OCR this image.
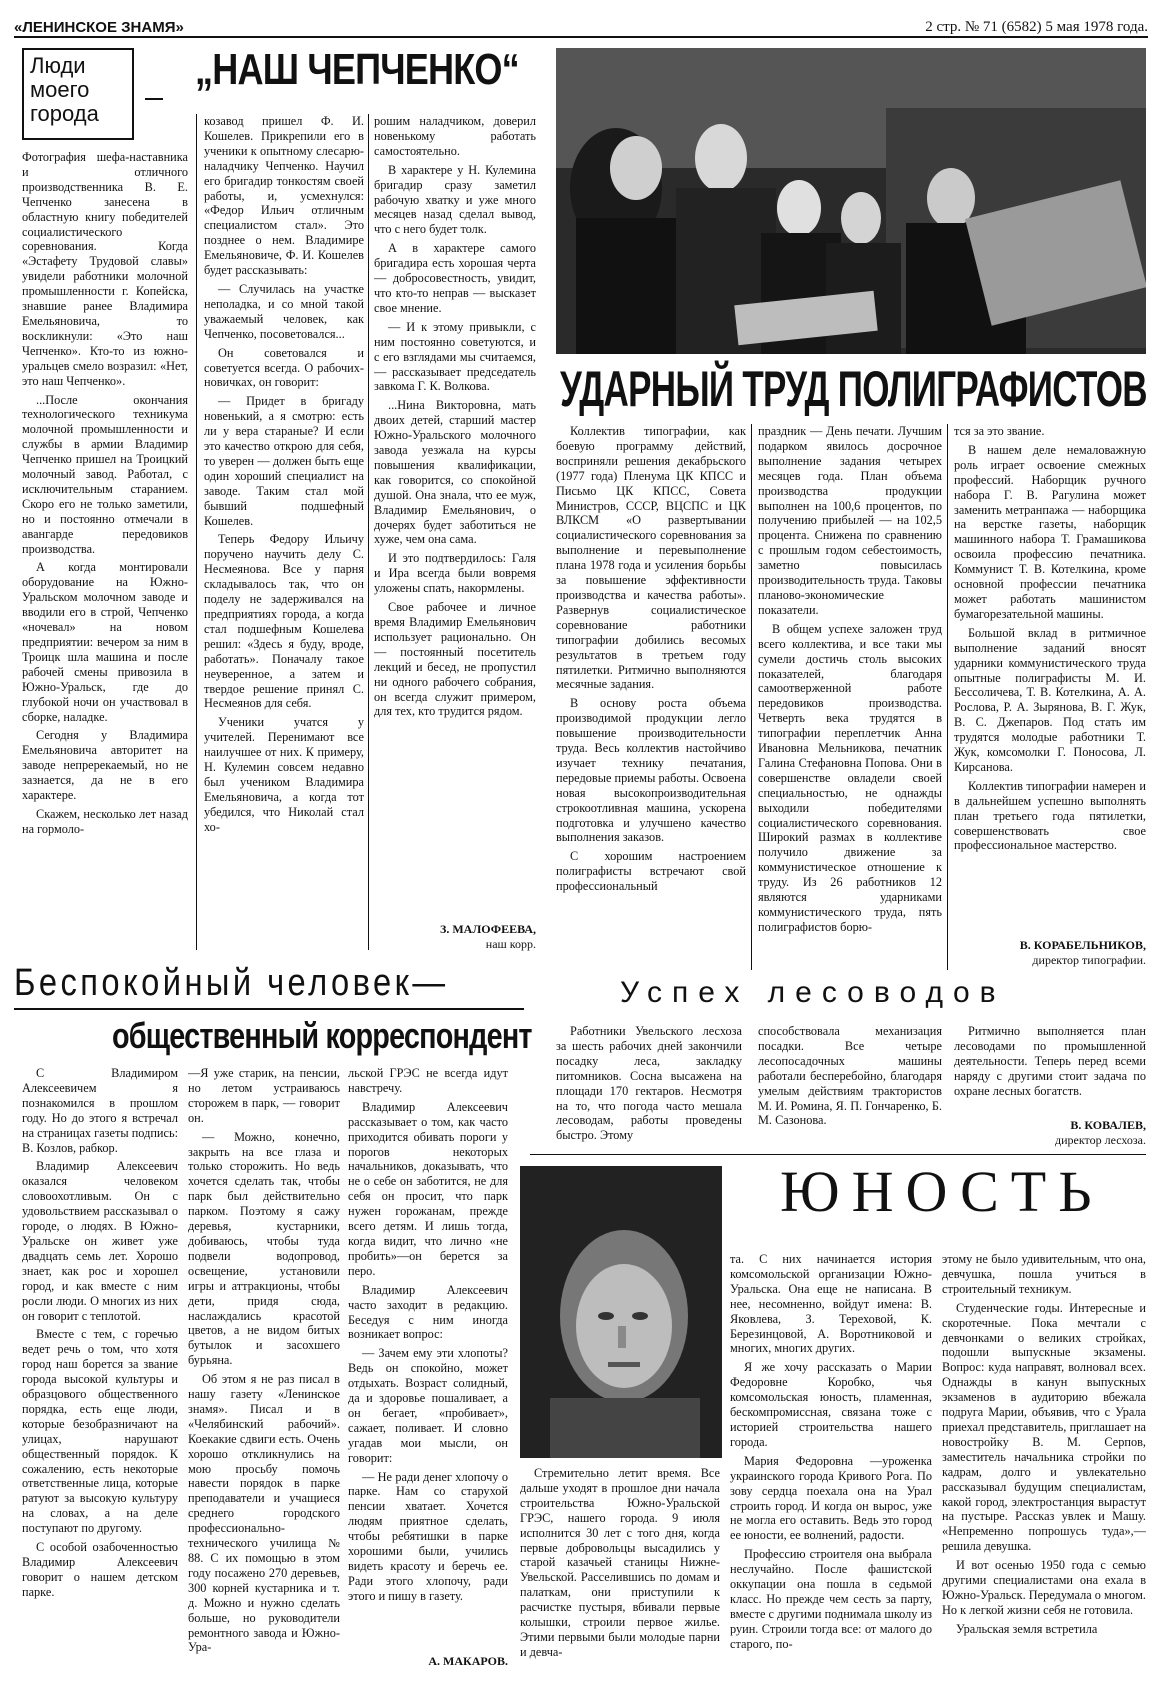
«ЛЕНИНСКОЕ ЗНАМЯ»	2 стр. № 71 (6582) 5 мая 1978 года.
Люди
моего
города
„НАШ ЧЕПЧЕНКО“

Фотография шефа-наставника и отличного производственника В. Е. Чепченко занесена в областную книгу победителей социалистического соревнования. Когда «Эстафету Трудовой славы» увидели работники молочной промышленности г. Копейска, знавшие ранее Владимира Емельяновича, то воскликнули: «Это наш Чепченко». Кто-то из южно-уральцев смело возразил: «Нет, это наш Чепченко».

...После окончания технологического техникума молочной промышленности и службы в армии Владимир Чепченко пришел на Троицкий молочный завод. Работал, с исключительным старанием. Скоро его не только заметили, но и постоянно отмечали в авангарде передовиков производства.

А когда монтировали оборудование на Южно-Уральском молочном заводе и вводили его в строй, Чепченко «ночевал» на новом предприятии: вечером за ним в Троицк шла машина и после рабочей смены привозила в Южно-Уральск, где до глубокой ночи он участвовал в сборке, наладке.

Сегодня у Владимира Емельяновича авторитет на заводе непререкаемый, но не зазнается, да не в его характере.

Скажем, несколько лет назад на гормоло-

козавод пришел Ф. И. Кошелев. Прикрепили его в ученики к опытному слесарю-наладчику Чепченко. Научил его бригадир тонкостям своей работы, и, усмехнулся: «Федор Ильич отличным специалистом стал». Это позднее о нем. Владимире Емельяновиче, Ф. И. Кошелев будет рассказывать:

— Случилась на участке неполадка, и со мной такой уважаемый человек, как Чепченко, посоветовался...

Он советовался и советуется всегда. О рабочих-новичках, он говорит:

— Придет в бригаду новенький, а я смотрю: есть ли у вера стараные? И если это качество открою для себя, то уверен — должен быть еще один хороший специалист на заводе. Таким стал мой бывший подшефный Кошелев.

Теперь Федору Ильичу поручено научить делу С. Несмеянова. Все у парня складывалось так, что он поделу не задерживался на предприятиях города, а когда стал подшефным Кошелева решил: «Здесь я буду, вроде, работать». Поначалу такое неуверенное, а затем и твердое решение принял С. Несмеянов для себя.

Ученики учатся у учителей. Перенимают все наилучшее от них. К примеру, Н. Кулемин совсем недавно был учеником Владимира Емельяновича, а когда тот убедился, что Николай стал хо-

рошим наладчиком, доверил новенькому работать самостоятельно.

В характере у Н. Кулемина бригадир сразу заметил рабочую хватку и уже много месяцев назад сделал вывод, что с него будет толк.

А в характере самого бригадира есть хорошая черта — добросовестность, увидит, что кто-то неправ — высказет свое мнение.

— И к этому привыкли, с ним постоянно советуются, и с его взглядами мы считаемся, — рассказывает председатель завкома Г. К. Волкова.

...Нина Викторовна, мать двоих детей, старший мастер Южно-Уральского молочного завода уезжала на курсы повышения квалификации, как говорится, со спокойной душой. Она знала, что ее муж, Владимир Емельянович, о дочерях будет заботиться не хуже, чем она сама.

И это подтвердилось: Галя и Ира всегда были вовремя уложены спать, накормлены.

Свое рабочее и личное время Владимир Емельянович использует рационально. Он — постоянный посетитель лекций и бесед, не пропустил ни одного рабочего собрания, он всегда служит примером, для тех, кто трудится рядом.

З. МАЛОФЕЕВА,
наш корр.
УДАРНЫЙ ТРУД ПОЛИГРАФИСТОВ

Коллектив типографии, как боевую программу действий, восприняли решения декабрьского (1977 года) Пленума ЦК КПСС и Письмо ЦК КПСС, Совета Министров, СССР, ВЦСПС и ЦК ВЛКСМ «О развертывании социалистического соревнования за выполнение и перевыполнение плана 1978 года и усиления борьбы за повышение эффективности производства и качества работы». Развернув социалистическое соревнование работники типографии добились весомых результатов в третьем году пятилетки. Ритмично выполняются месячные задания.

В основу роста объема производимой продукции легло повышение производительности труда. Весь коллектив настойчиво изучает технику печатания, передовые приемы работы. Освоена новая высокопроизводительная строкоотливная машина, ускорена подготовка и улучшено качество выполнения заказов.

С хорошим настроением полиграфисты встречают свой профессиональный

праздник — День печати. Лучшим подарком явилось досрочное выполнение задания четырех месяцев года. План объема производства продукции выполнен на 100,6 процентов, по получению прибылей — на 102,5 процента. Снижена по сравнению с прошлым годом себестоимость, заметно повысилась производительность труда. Таковы планово-экономические показатели.

В общем успехе заложен труд всего коллектива, и все таки мы сумели достичь столь высоких показателей, благодаря самоотверженной работе передовиков производства. Четверть века трудятся в типографии переплетчик Анна Ивановна Мельникова, печатник Галина Стефановна Попова. Они в совершенстве овладели своей специальностью, не однажды выходили победителями социалистического соревнования. Широкий размах в коллективе получило движение за коммунистическое отношение к труду. Из 26 работников 12 являются ударниками коммунистического труда, пять полиграфистов борю-

тся за это звание.

В нашем деле немаловажную роль играет освоение смежных профессий. Наборщик ручного набора Г. В. Рагулина может заменить метранпажа — наборщика на верстке газеты, наборщик машинного набора Т. Грамашикова освоила профессию печатника. Коммунист Т. В. Котелкина, кроме основной профессии печатника может работать машинистом бумагорезательной машины.

Большой вклад в ритмичное выполнение заданий вносят ударники коммунистического труда опытные полиграфисты М. И. Бессоличева, Т. В. Котелкина, А. А. Рослова, Р. А. Зырянова, В. Г. Жук, В. С. Джепаров. Под стать им трудятся молодые работники Т. Жук, комсомолки Г. Поносова, Л. Кирсанова.

Коллектив типографии намерен и в дальнейшем успешно выполнять план третьего года пятилетки, совершенствовать свое профессиональное мастерство.

В. КОРАБЕЛЬНИКОВ,
директор типографии.
Беспокойный человек—
общественный корреспондент
Успех лесоводов

Работники Увельского лесхоза за шесть рабочих дней закончили посадку леса, закладку питомников. Сосна высажена на площади 170 гектаров. Несмотря на то, что погода часто мешала лесоводам, работы проведены быстро. Этому

способствовала механизация посадки. Все четыре лесопосадочных машины работали бесперебойно, благодаря умелым действиям трактористов М. И. Ромина, Я. П. Гончаренко, Б. М. Сазонова.

Ритмично выполняется план лесоводами по промышленной деятельности. Теперь перед всеми наряду с другими стоит задача по охране лесных богатств.

В. КОВАЛЕВ,
директор лесхоза.

С Владимиром Алексеевичем я познакомился в прошлом году. Но до этого я встречал на страницах газеты подпись: В. Козлов, рабкор.

Владимир Алексеевич оказался человеком словоохотливым. Он с удовольствием рассказывал о городе, о людях. В Южно-Уральске он живет уже двадцать семь лет. Хорошо знает, как рос и хорошел город, и как вместе с ним росли люди. О многих из них он говорит с теплотой.

Вместе с тем, с горечью ведет речь о том, что хотя город наш борется за звание города высокой культуры и образцового общественного порядка, есть еще люди, которые безобразничают на улицах, нарушают общественный порядок. К сожалению, есть некоторые ответственные лица, которые ратуют за высокую культуру на словах, а на деле поступают по другому.

С особой озабоченностью Владимир Алексеевич говорит о нашем детском парке.

—Я уже старик, на пенсии, но летом устраиваюсь сторожем в парк, — говорит он.

— Можно, конечно, закрыть на все глаза и только сторожить. Но ведь хочется сделать так, чтобы парк был действительно парком. Поэтому я сажу деревья, кустарники, добиваюсь, чтобы туда подвели водопровод, освещение, установили игры и аттракционы, чтобы дети, придя сюда, наслаждались красотой цветов, а не видом битых бутылок и засохшего бурьяна.

Об этом я не раз писал в нашу газету «Ленинское знамя». Писал и в «Челябинский рабочий». Коекакие сдвиги есть. Очень хорошо откликнулись на мою просьбу помочь навести порядок в парке преподаватели и учащиеся среднего городского профессионально-технического училища № 88. С их помощью в этом году посажено 270 деревьев, 300 корней кустарника и т. д. Можно и нужно сделать больше, но руководители ремонтного завода и Южно-Ура-

льской ГРЭС не всегда идут навстречу.

Владимир Алексеевич рассказывает о том, как часто приходится обивать пороги у порогов некоторых начальников, доказывать, что не о себе он заботится, не для себя он просит, что парк нужен горожанам, прежде всего детям. И лишь тогда, когда видит, что лично «не пробить»—он берется за перо.

Владимир Алексеевич часто заходит в редакцию. Беседуя с ним иногда возникает вопрос:

— Зачем ему эти хлопоты? Ведь он спокойно, может отдыхать. Возраст солидный, да и здоровье пошаливает, а он бегает, «пробивает», сажает, поливает. И словно угадав мои мысли, он говорит:

— Не ради денег хлопочу о парке. Нам со старухой пенсии хватает. Хочется людям приятное сделать, чтобы ребятишки в парке хорошими были, учились видеть красоту и беречь ее. Ради этого хлопочу, ради этого и пишу в газету.

А. МАКАРОВ.
ЮНОСТЬ

Стремительно летит время. Все дальше уходят в прошлое дни начала строительства Южно-Уральской ГРЭС, нашего города. 9 июля исполнится 30 лет с того дня, когда первые добровольцы высадились у старой казачьей станицы Нижне-Увельской. Расселившись по домам и палаткам, они приступили к расчистке пустыря, вбивали первые колышки, строили первое жилье. Этими первыми были молодые парни и девча-

та. С них начинается история комсомольской организации Южно-Уральска. Она еще не написана. В нее, несомненно, войдут имена: В. Яковлева, З. Тереховой, К. Березинцовой, А. Воротниковой и многих, многих других.

Я же хочу рассказать о Марии Федоровне Коробко, чья комсомольская юность, пламенная, бескомпромиссная, связана тоже с историей строительства нашего города.

Мария Федоровна —уроженка украинского города Кривого Рога. По зову сердца поехала она на Урал строить город. И когда он вырос, уже не могла его оставить. Ведь это город ее юности, ее волнений, радости.

Профессию строителя она выбрала неслучайно. После фашистской оккупации она пошла в седьмой класс. Но прежде чем сесть за парту, вместе с другими поднимала школу из руин. Строили тогда все: от малого до старого, по-

этому не было удивительным, что она, девчушка, пошла учиться в строительный техникум.

Студенческие годы. Интересные и скоротечные. Пока мечтали с девчонками о великих стройках, подошли выпускные экзамены. Вопрос: куда направят, волновал всех. Однажды в канун выпускных экзаменов в аудиторию вбежала подруга Марии, объявив, что с Урала приехал представитель, приглашает на новостройку В. М. Серпов, заместитель начальника стройки по кадрам, долго и увлекательно рассказывал будущим специалистам, какой город, электростанция вырастут на пустыре. Рассказ увлек и Машу. «Непременно попрошусь туда»,—решила девушка.

И вот осенью 1950 года с семью другими специалистами она ехала в Южно-Уральск. Передумала о многом. Но к легкой жизни себя не готовила.

Уральская земля встретила
